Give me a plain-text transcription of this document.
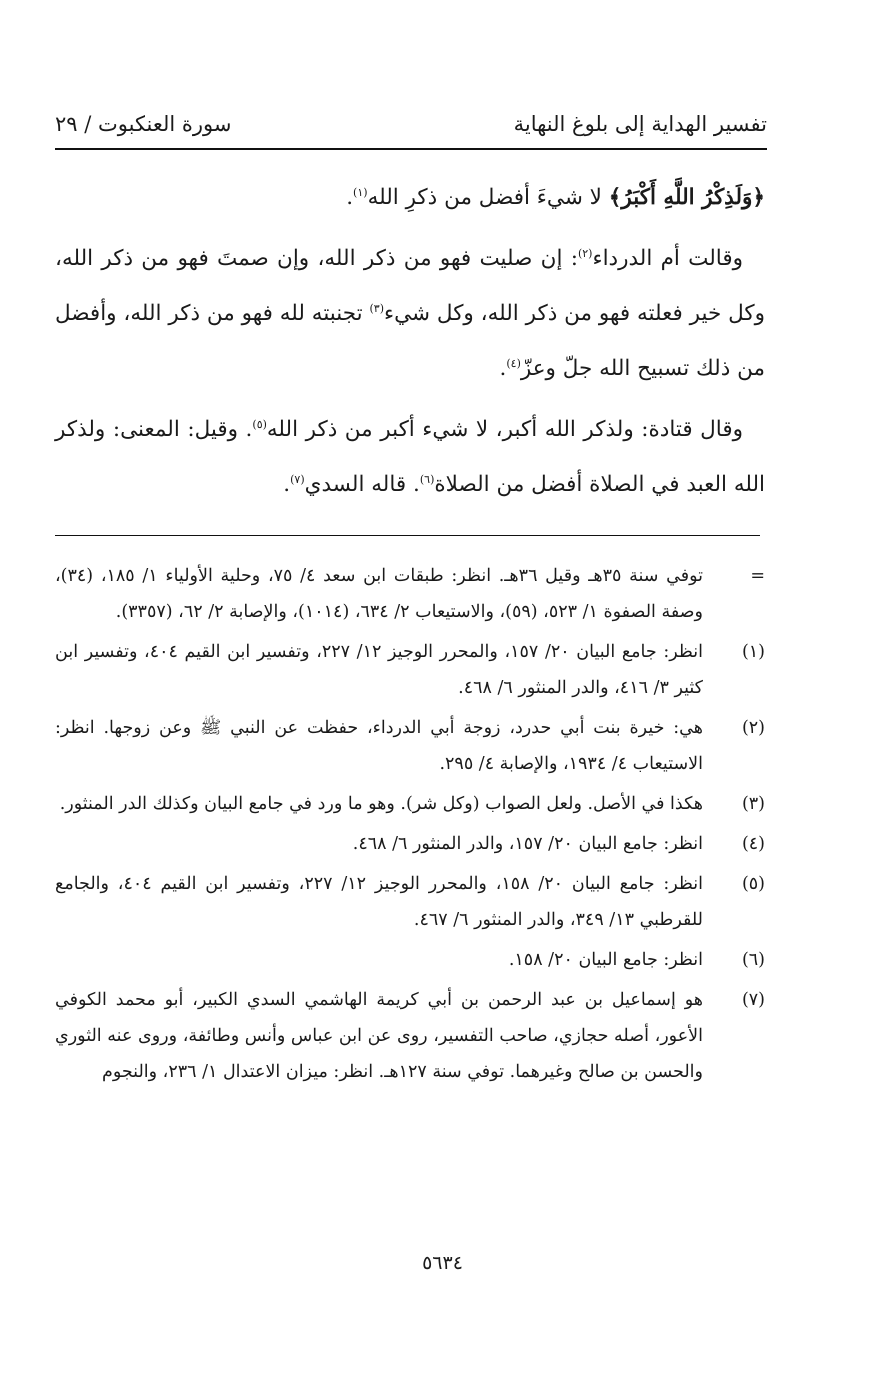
تفسير الهداية إلى بلوغ النهاية
سورة العنكبوت / ٢٩

﴿وَلَذِكْرُ اللَّهِ أَكْبَرُ﴾ لا شيءَ أفضل من ذكرِ الله$^{(١)}$.

وقالت أم الدرداء$^{(٢)}$: إن صليت فهو من ذكر الله، وإن صمتَ فهو من ذكر الله، وكل خير فعلته فهو من ذكر الله، وكل شيء$^{(٣)}$ تجنبته لله فهو من ذكر الله، وأفضل من ذلك تسبيح الله جلّ وعزّ$^{(٤)}$.

وقال قتادة: ولذكر الله أكبر، لا شيء أكبر من ذكر الله$^{(٥)}$. وقيل: المعنى: ولذكر الله العبد في الصلاة أفضل من الصلاة$^{(٦)}$. قاله السدي$^{(٧)}$.

=
توفي سنة ٣٥هـ وقيل ٣٦هـ. انظر: طبقات ابن سعد ٤/ ٧٥، وحلية الأولياء ١/ ١٨٥، (٣٤)، وصفة الصفوة ١/ ٥٢٣، (٥٩)، والاستيعاب ٢/ ٦٣٤، (١٠١٤)، والإصابة ٢/ ٦٢، (٣٣٥٧).
(١)
انظر: جامع البيان ٢٠/ ١٥٧، والمحرر الوجيز ١٢/ ٢٢٧، وتفسير ابن القيم ٤٠٤، وتفسير ابن كثير ٣/ ٤١٦، والدر المنثور ٦/ ٤٦٨.
(٢)
هي: خيرة بنت أبي حدرد، زوجة أبي الدرداء، حفظت عن النبي ﷺ وعن زوجها. انظر: الاستيعاب ٤/ ١٩٣٤، والإصابة ٤/ ٢٩٥.
(٣)
هكذا في الأصل. ولعل الصواب (وكل شر). وهو ما ورد في جامع البيان وكذلك الدر المنثور.
(٤)
انظر: جامع البيان ٢٠/ ١٥٧، والدر المنثور ٦/ ٤٦٨.
(٥)
انظر: جامع البيان ٢٠/ ١٥٨، والمحرر الوجيز ١٢/ ٢٢٧، وتفسير ابن القيم ٤٠٤، والجامع للقرطبي ١٣/ ٣٤٩، والدر المنثور ٦/ ٤٦٧.
(٦)
انظر: جامع البيان ٢٠/ ١٥٨.
(٧)
هو إسماعيل بن عبد الرحمن بن أبي كريمة الهاشمي السدي الكبير، أبو محمد الكوفي الأعور، أصله حجازي، صاحب التفسير، روى عن ابن عباس وأنس وطائفة، وروى عنه الثوري والحسن بن صالح وغيرهما. توفي سنة ١٢٧هـ. انظر: ميزان الاعتدال ١/ ٢٣٦، والنجوم
٥٦٣٤
